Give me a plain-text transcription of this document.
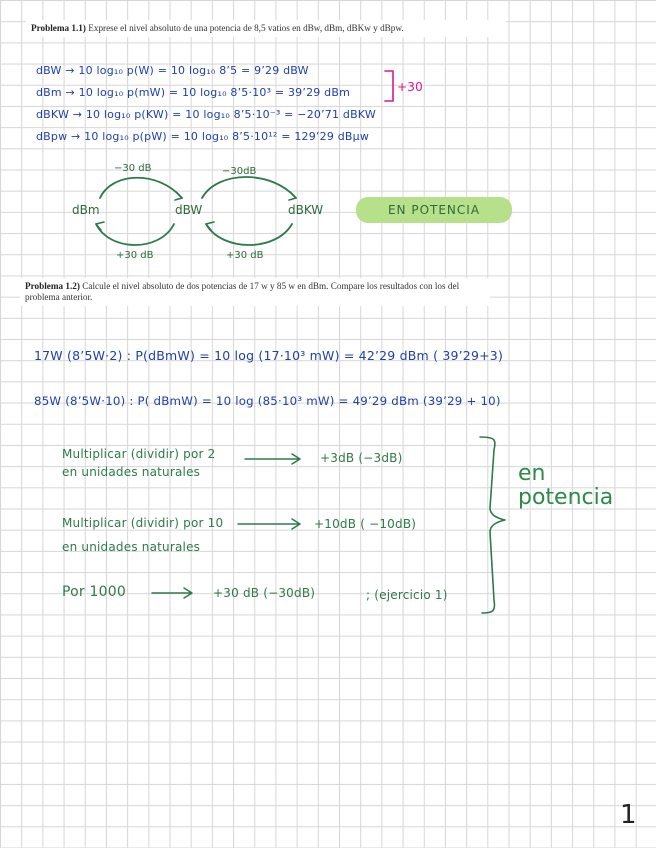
Problema 1.1) Exprese el nivel absoluto de una potencia de 8,5 vatios en dBw, dBm, dBKw y dBpw.
dBW → 10 log₁₀ p(W) = 10 log₁₀ 8’5 = 9’29 dBW
dBm → 10 log₁₀ p(mW) = 10 log₁₀ 8’5·10³ = 39’29 dBm
dBKW → 10 log₁₀ p(KW) = 10 log₁₀ 8’5·10⁻³ = −20’71 dBKW
dBpw → 10 log₁₀ p(pW) = 10 log₁₀ 8’5·10¹² = 129’29 dBμw
+30
dBm	dBW	dBKW
−30 dB	−30dB
+30 dB	+30 dB
EN POTENCIA
Problema 1.2) Calcule el nivel absoluto de dos potencias de 17 w y 85 w en dBm. Compare los resultados con los del problema anterior.
17W (8’5W·2) : P(dBmW) = 10 log (17·10³ mW) = 42’29 dBm ( 39’29+3)
85W (8’5W·10) : P( dBmW) = 10 log (85·10³ mW) = 49’29 dBm (39’29 + 10)
Multiplicar (dividir) por 2
en unidades naturales
+3dB (−3dB)
Multiplicar (dividir) por 10
en unidades naturales
+10dB ( −10dB)
Por 1000	+30 dB (−30dB)	; (ejercicio 1)
en
potencia
1
